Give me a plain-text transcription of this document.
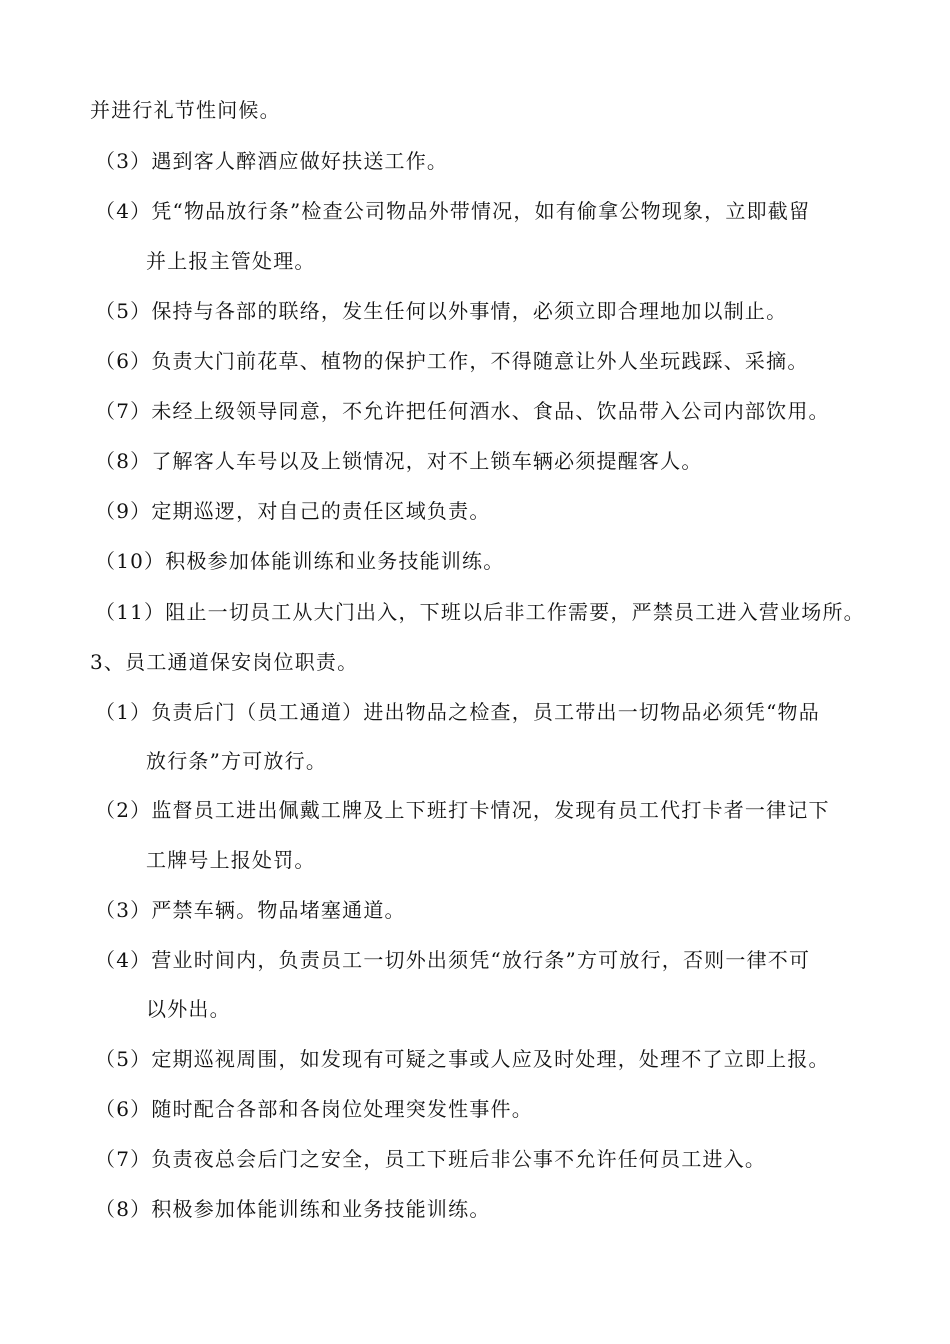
并进行礼节性问候。
（3）遇到客人醉酒应做好扶送工作。
（4）凭“物品放行条”检查公司物品外带情况，如有偷拿公物现象，立即截留
并上报主管处理。
（5）保持与各部的联络，发生任何以外事情，必须立即合理地加以制止。
（6）负责大门前花草、植物的保护工作，不得随意让外人坐玩践踩、采摘。
（7）未经上级领导同意，不允许把任何酒水、食品、饮品带入公司内部饮用。
（8）了解客人车号以及上锁情况，对不上锁车辆必须提醒客人。
（9）定期巡逻，对自己的责任区域负责。
（10）积极参加体能训练和业务技能训练。
（11）阻止一切员工从大门出入，下班以后非工作需要，严禁员工进入营业场所。
3、员工通道保安岗位职责。
（1）负责后门（员工通道）进出物品之检查，员工带出一切物品必须凭“物品
放行条”方可放行。
（2）监督员工进出佩戴工牌及上下班打卡情况，发现有员工代打卡者一律记下
工牌号上报处罚。
（3）严禁车辆。物品堵塞通道。
（4）营业时间内，负责员工一切外出须凭“放行条”方可放行，否则一律不可
以外出。
（5）定期巡视周围，如发现有可疑之事或人应及时处理，处理不了立即上报。
（6）随时配合各部和各岗位处理突发性事件。
（7）负责夜总会后门之安全，员工下班后非公事不允许任何员工进入。
（8）积极参加体能训练和业务技能训练。
